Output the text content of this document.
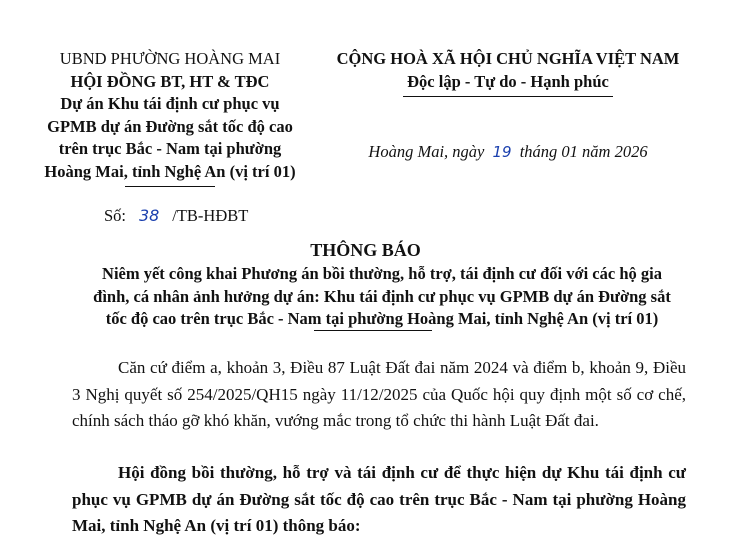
UBND PHƯỜNG HOÀNG MAI
HỘI ĐỒNG BT, HT & TĐC
Dự án Khu tái định cư phục vụ GPMB dự án Đường sắt tốc độ cao trên trục Bắc - Nam tại phường Hoàng Mai, tỉnh Nghệ An (vị trí 01)
CỘNG HOÀ XÃ HỘI CHỦ NGHĨA VIỆT NAM
Độc lập - Tự do - Hạnh phúc
Hoàng Mai, ngày 19 tháng 01 năm 2026
Số: 38 /TB-HĐBT
THÔNG BÁO
Niêm yết công khai Phương án bồi thường, hỗ trợ, tái định cư đối với các hộ gia đình, cá nhân ảnh hưởng dự án: Khu tái định cư phục vụ GPMB dự án Đường sắt tốc độ cao trên trục Bắc - Nam tại phường Hoàng Mai, tỉnh Nghệ An (vị trí 01)
Căn cứ điểm a, khoản 3, Điều 87 Luật Đất đai năm 2024 và điểm b, khoản 9, Điều 3 Nghị quyết số 254/2025/QH15 ngày 11/12/2025 của Quốc hội quy định một số cơ chế, chính sách tháo gỡ khó khăn, vướng mắc trong tổ chức thi hành Luật Đất đai.
Hội đồng bồi thường, hỗ trợ và tái định cư để thực hiện dự Khu tái định cư phục vụ GPMB dự án Đường sắt tốc độ cao trên trục Bắc - Nam tại phường Hoàng Mai, tỉnh Nghệ An (vị trí 01) thông báo:
